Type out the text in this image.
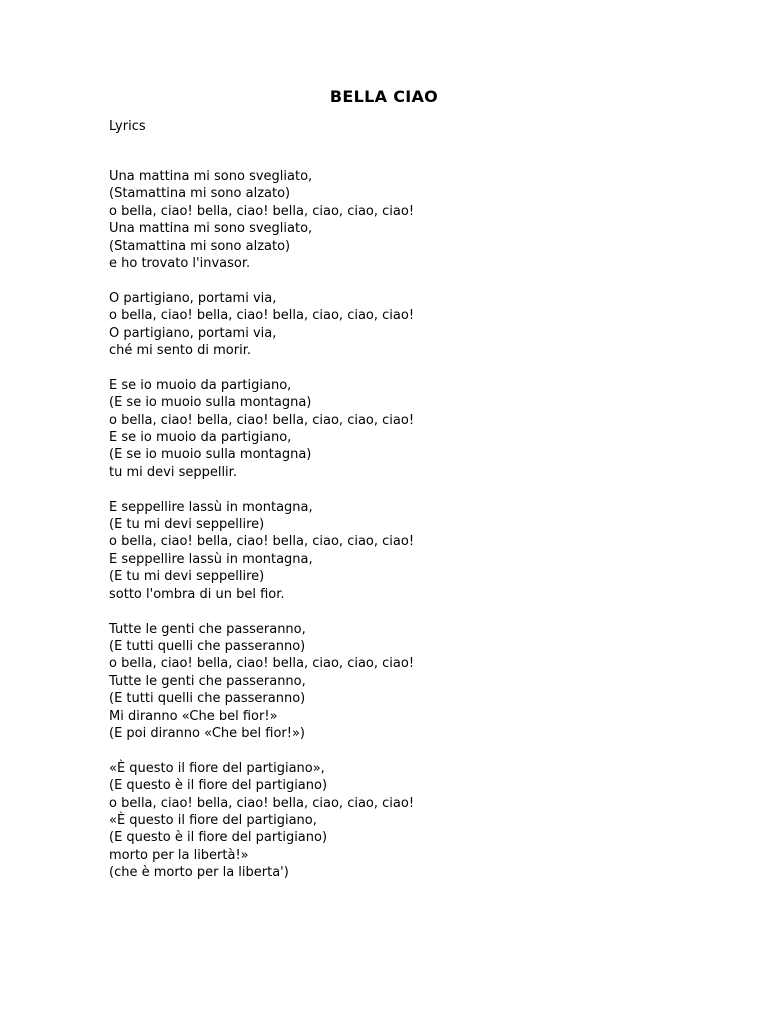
BELLA CIAO
Lyrics
Una mattina mi sono svegliato,
(Stamattina mi sono alzato)
o bella, ciao! bella, ciao! bella, ciao, ciao, ciao!
Una mattina mi sono svegliato,
(Stamattina mi sono alzato)
e ho trovato l'invasor.
O partigiano, portami via,
o bella, ciao! bella, ciao! bella, ciao, ciao, ciao!
O partigiano, portami via,
ché mi sento di morir.
E se io muoio da partigiano,
(E se io muoio sulla montagna)
o bella, ciao! bella, ciao! bella, ciao, ciao, ciao!
E se io muoio da partigiano,
(E se io muoio sulla montagna)
tu mi devi seppellir.
E seppellire lassù in montagna,
(E tu mi devi seppellire)
o bella, ciao! bella, ciao! bella, ciao, ciao, ciao!
E seppellire lassù in montagna,
(E tu mi devi seppellire)
sotto l'ombra di un bel fior.
Tutte le genti che passeranno,
(E tutti quelli che passeranno)
o bella, ciao! bella, ciao! bella, ciao, ciao, ciao!
Tutte le genti che passeranno,
(E tutti quelli che passeranno)
Mi diranno «Che bel fior!»
(E poi diranno «Che bel fior!»)
«È questo il fiore del partigiano»,
(E questo è il fiore del partigiano)
o bella, ciao! bella, ciao! bella, ciao, ciao, ciao!
«È questo il fiore del partigiano,
(E questo è il fiore del partigiano)
morto per la libertà!»
(che è morto per la liberta')
